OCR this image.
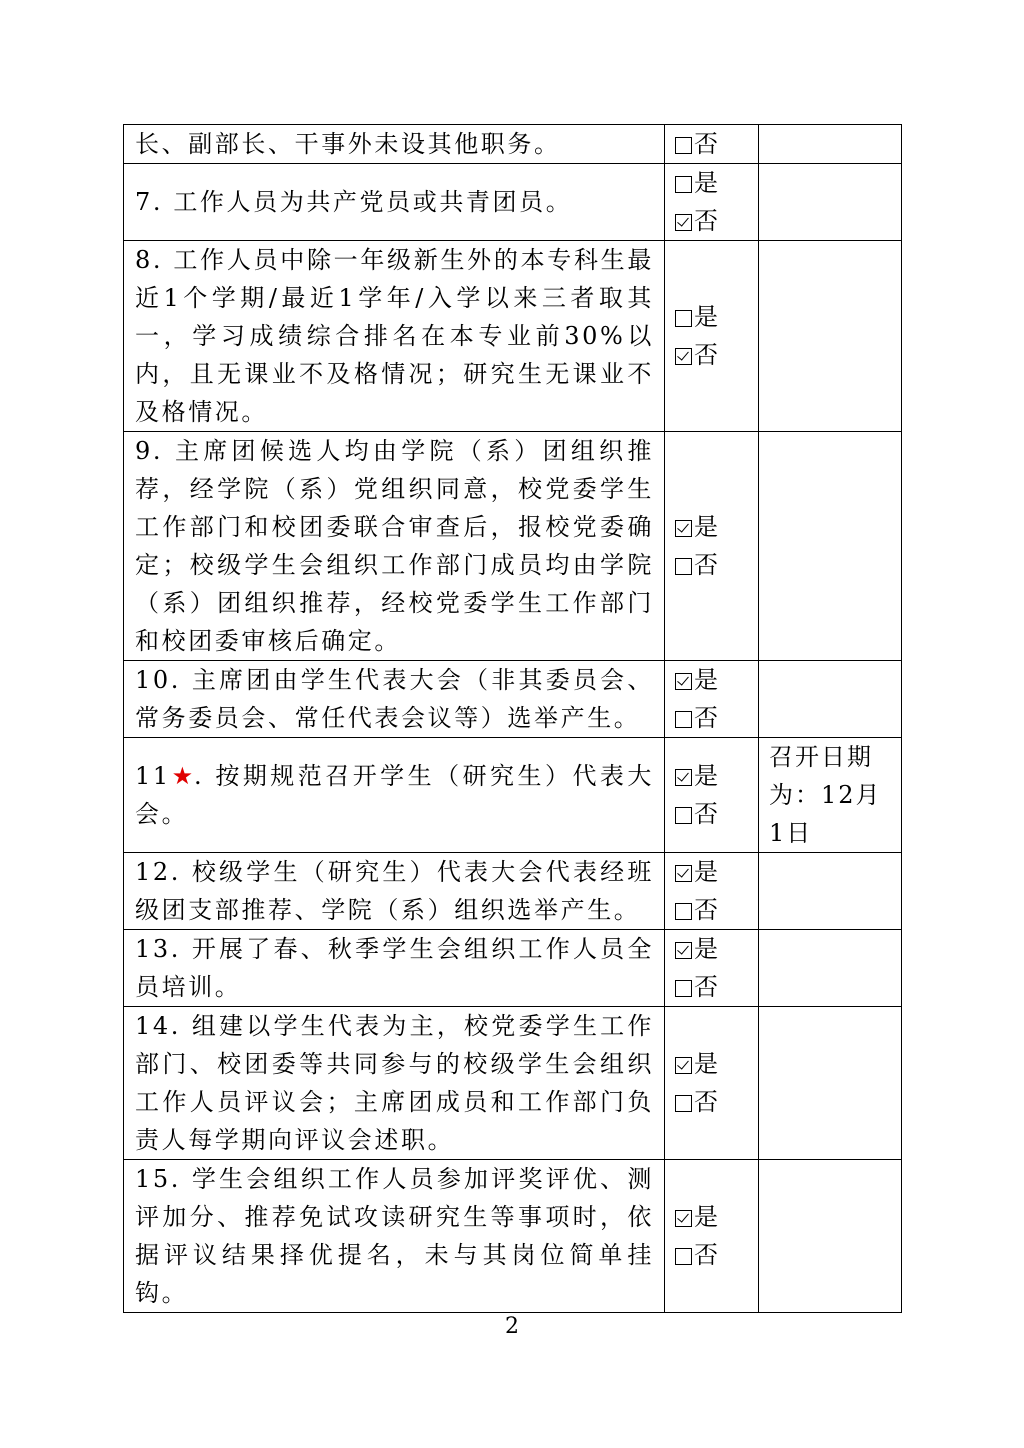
长、副部长、干事外未设其他职务。	否	

7. 工作人员为共产党员或共青团员。	是
否	

8. 工作人员中除一年级新生外的本专科生最近1个学期/最近1学年/入学以来三者取其一，学习成绩综合排名在本专业前30%以内，且无课业不及格情况；研究生无课业不及格情况。	是
否	

9. 主席团候选人均由学院（系）团组织推荐，经学院（系）党组织同意，校党委学生工作部门和校团委联合审查后，报校党委确定；校级学生会组织工作部门成员均由学院（系）团组织推荐，经校党委学生工作部门和校团委审核后确定。	是
否	

10. 主席团由学生代表大会（非其委员会、常务委员会、常任代表会议等）选举产生。	是
否	

11★. 按期规范召开学生（研究生）代表大会。	是
否	召开日期为：12月1日
12. 校级学生（研究生）代表大会代表经班级团支部推荐、学院（系）组织选举产生。	是
否	

13. 开展了春、秋季学生会组织工作人员全员培训。	是
否	

14. 组建以学生代表为主，校党委学生工作部门、校团委等共同参与的校级学生会组织工作人员评议会；主席团成员和工作部门负责人每学期向评议会述职。	是
否	

15. 学生会组织工作人员参加评奖评优、测评加分、推荐免试攻读研究生等事项时，依据评议结果择优提名，未与其岗位简单挂钩。	是
否	

2
